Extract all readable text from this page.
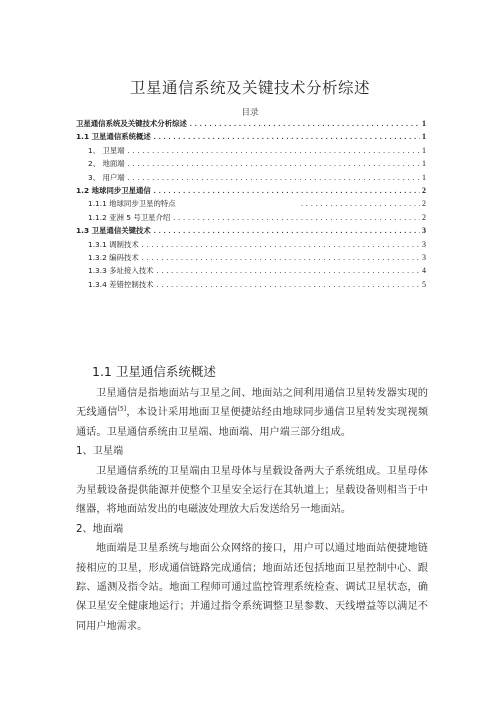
卫星通信系统及关键技术分析综述
目录
卫星通信系统及关键技术分析综述 .....	1
1.1 卫星通信系统概述 .....	1
1、 卫星端 .....	1
2、 地面端 .....	1
3、 用户端 .....	1
1.2 地球同步卫星通信 .....	2
1.1.1 地球同步卫星的特点 .....	2
1.1.2 亚洲 5 号卫星介绍 .....	2
1.3 卫星通信关键技术 .....	3
1.3.1 调制技术 .....	3
1.3.2 编码技术 .....	3
1.3.3 多址接入技术 .....	4
1.3.4 差错控制技术 .....	5
1.1 卫星通信系统概述

卫星通信是指地面站与卫星之间、地面站之间利用通信卫星转发器实现的无线通信[5]，本设计采用地面卫星便捷站经由地球同步通信卫星转发实现视频通话。卫星通信系统由卫星端、地面端、用户端三部分组成。

1、卫星端

卫星通信系统的卫星端由卫星母体与星载设备两大子系统组成。卫星母体为星载设备提供能源并使整个卫星安全运行在其轨道上；星载设备则相当于中继器，将地面站发出的电磁波处理放大后发送给另一地面站。

2、地面端

地面端是卫星系统与地面公众网络的接口，用户可以通过地面站便捷地链接相应的卫星，形成通信链路完成通信；地面站还包括地面卫星控制中心、跟踪、遥测及指令站。地面工程师可通过监控管理系统检查、调试卫星状态，确保卫星安全健康地运行；并通过指令系统调整卫星参数、天线增益等以满足不同用户地需求。
